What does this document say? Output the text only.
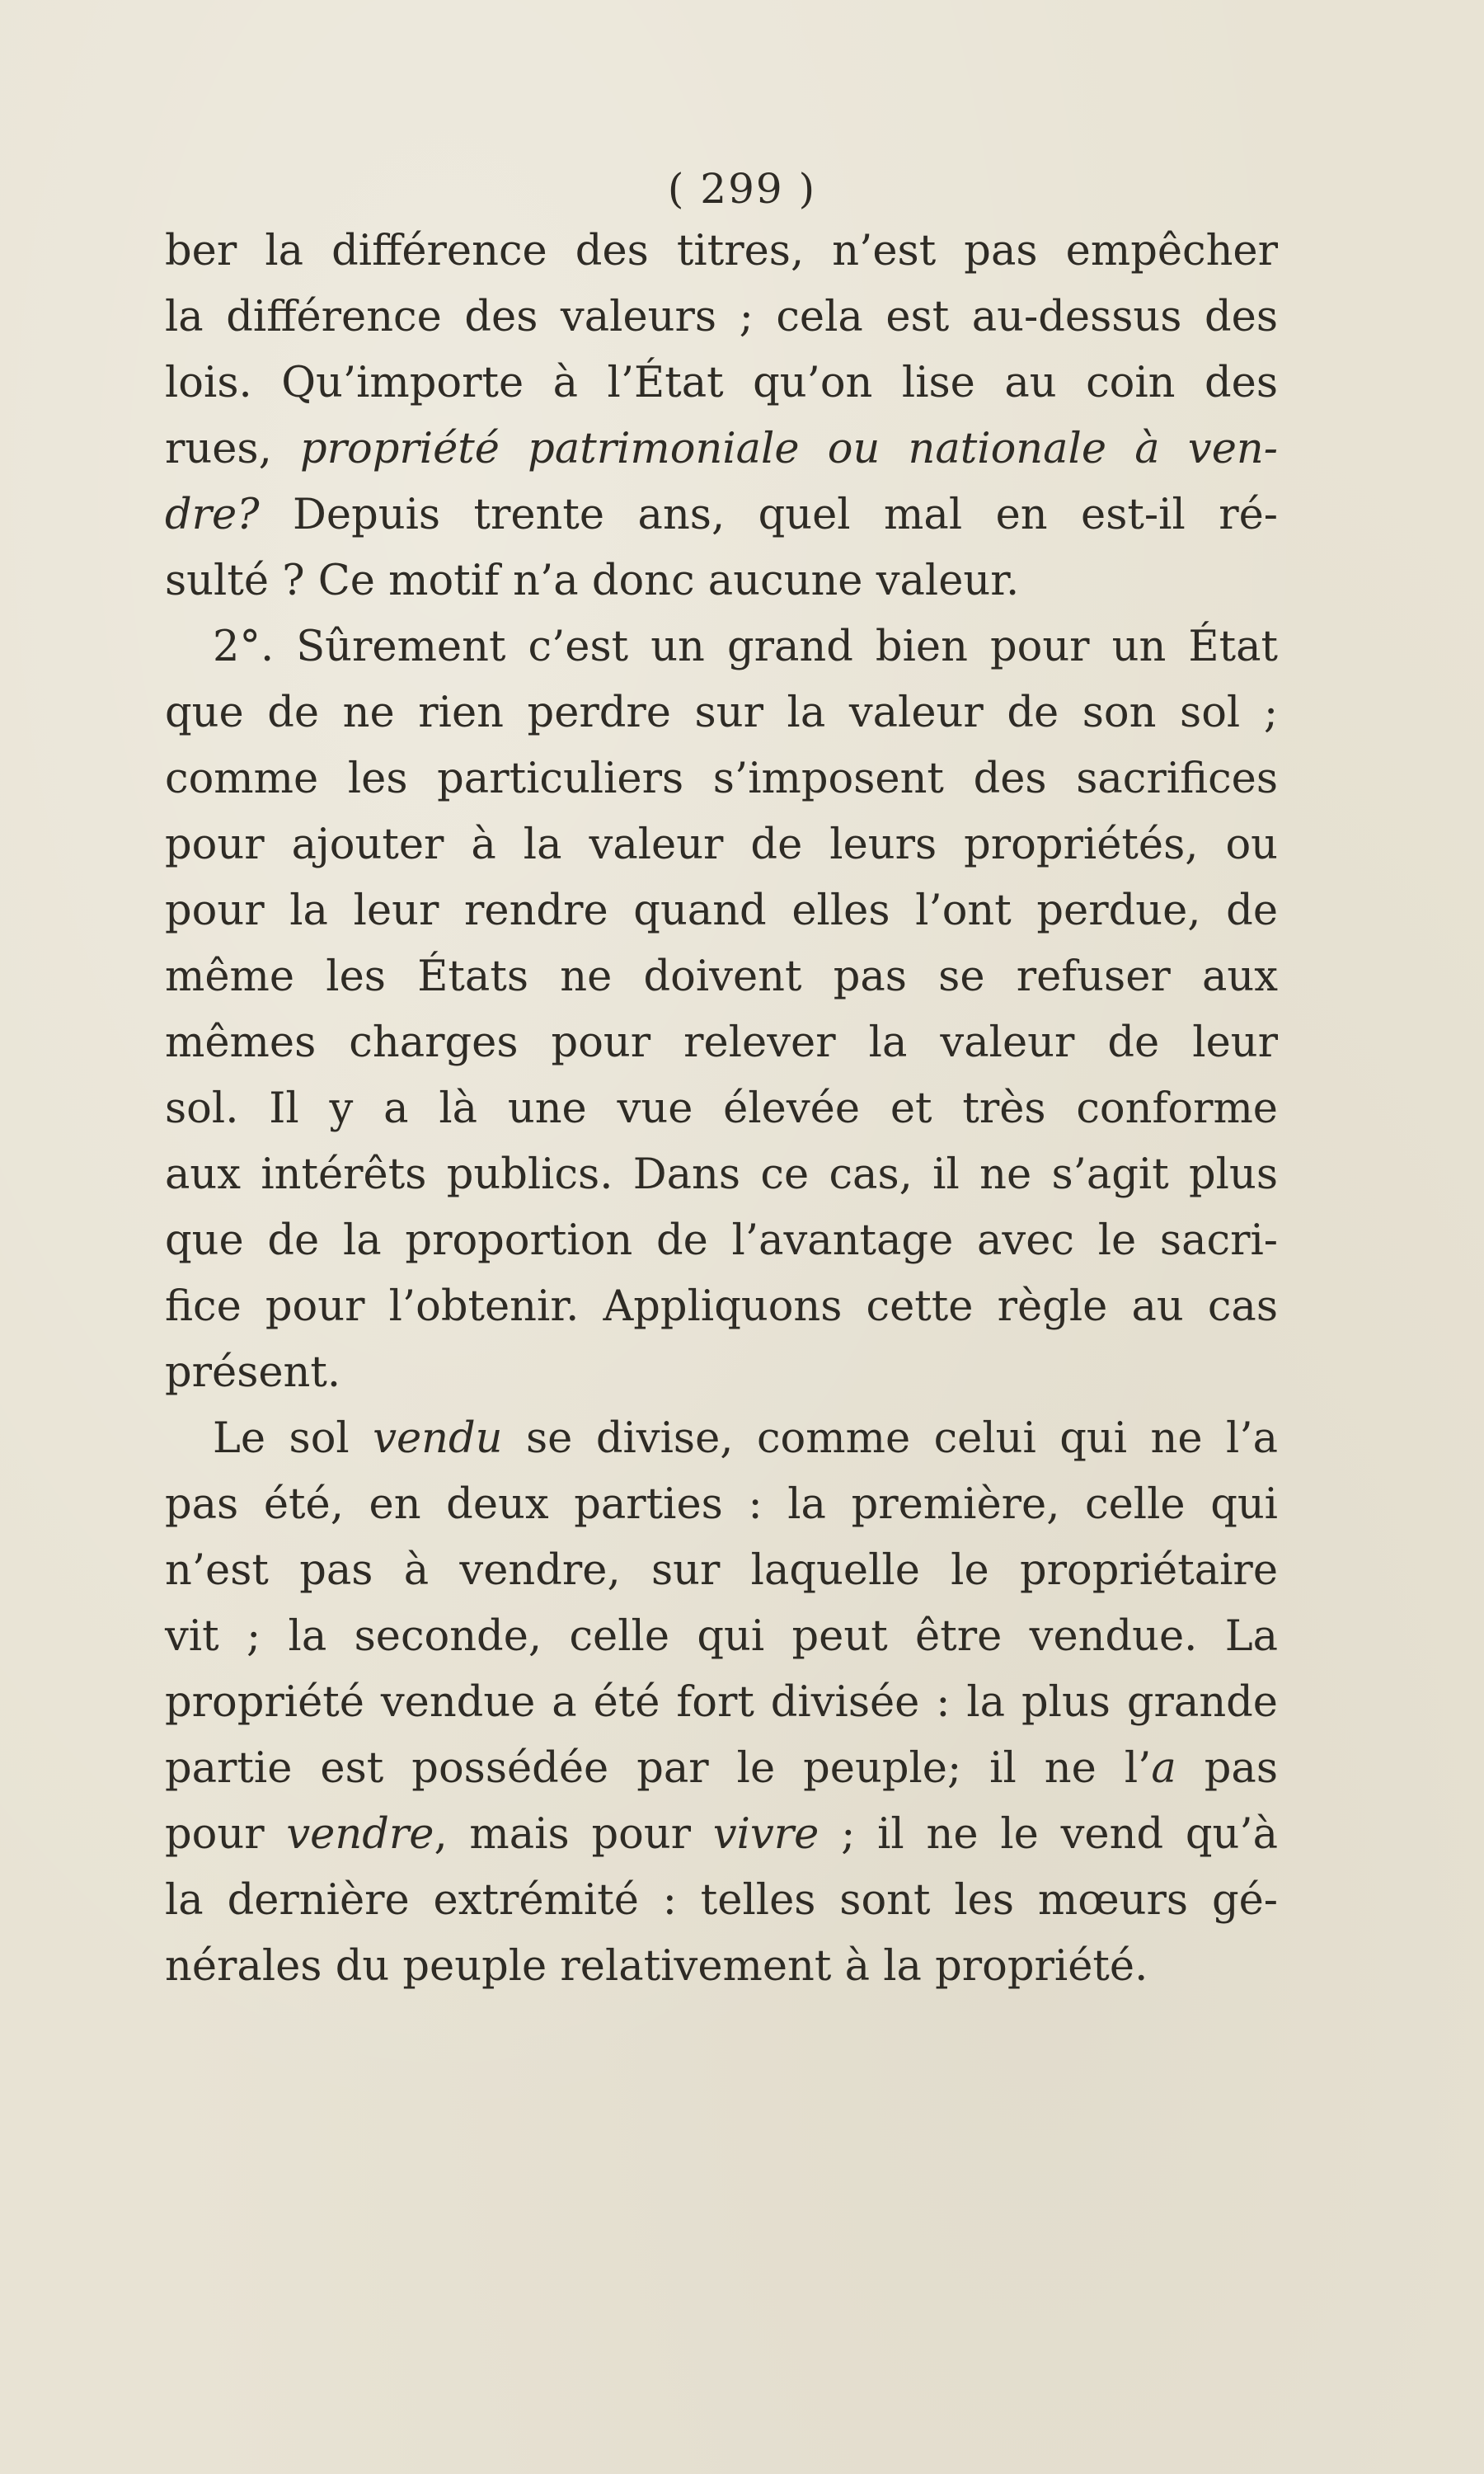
( 299 )
ber la différence des titres, n’est pas empêcher
la différence des valeurs ; cela est au-dessus des
lois. Qu’importe à l’État qu’on lise au coin des
rues, propriété patrimoniale ou nationale à ven-
dre? Depuis trente ans, quel mal en est-il ré-
sulté ? Ce motif n’a donc aucune valeur.
2°. Sûrement c’est un grand bien pour un État
que de ne rien perdre sur la valeur de son sol ;
comme les particuliers s’imposent des sacrifices
pour ajouter à la valeur de leurs propriétés, ou
pour la leur rendre quand elles l’ont perdue, de
même les États ne doivent pas se refuser aux
mêmes charges pour relever la valeur de leur
sol. Il y a là une vue élevée et très conforme
aux intérêts publics. Dans ce cas, il ne s’agit plus
que de la proportion de l’avantage avec le sacri-
fice pour l’obtenir. Appliquons cette règle au cas
présent.
Le sol vendu se divise, comme celui qui ne l’a
pas été, en deux parties : la première, celle qui
n’est pas à vendre, sur laquelle le propriétaire
vit ; la seconde, celle qui peut être vendue. La
propriété vendue a été fort divisée : la plus grande
partie est possédée par le peuple; il ne l’a pas
pour vendre, mais pour vivre ; il ne le vend qu’à
la dernière extrémité : telles sont les mœurs gé-
nérales du peuple relativement à la propriété.
